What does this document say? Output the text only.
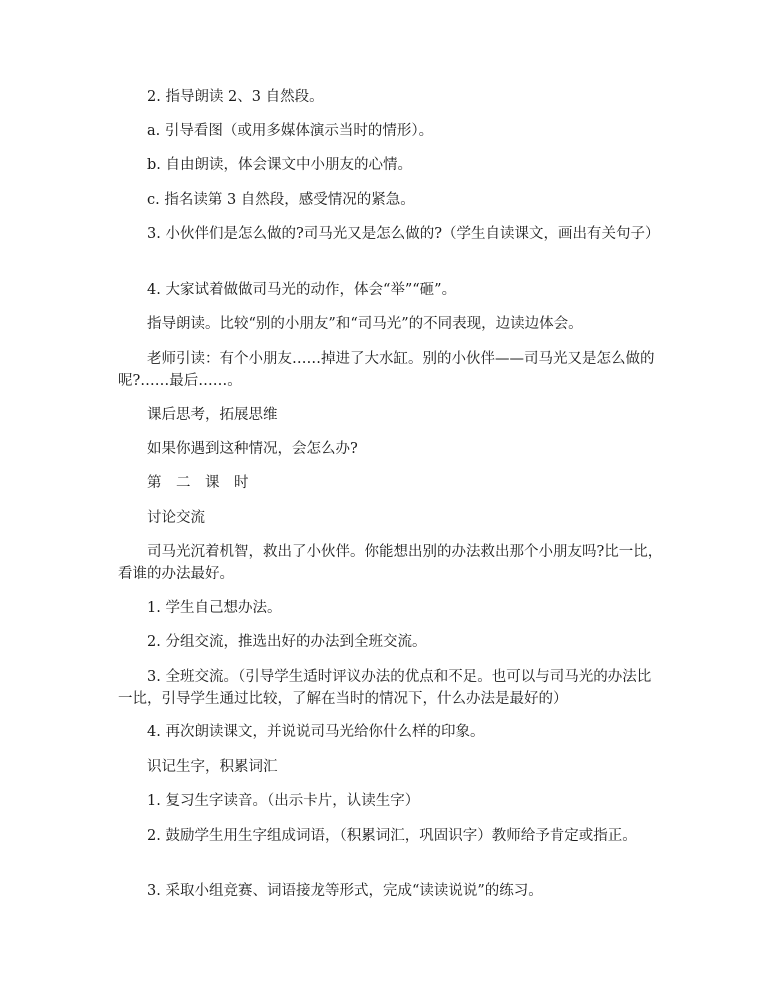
2. 指导朗读 2、3 自然段。

a. 引导看图（或用多媒体演示当时的情形）。

b. 自由朗读，体会课文中小朋友的心情。

c. 指名读第 3 自然段，感受情况的紧急。

3. 小伙伴们是怎么做的?司马光又是怎么做的?（学生自读课文，画出有关句子）

4. 大家试着做做司马光的动作，体会“举”“砸”。

指导朗读。比较“别的小朋友”和“司马光”的不同表现，边读边体会。

老师引读：有个小朋友……掉进了大水缸。别的小伙伴——司马光又是怎么做的呢?……最后……。

课后思考，拓展思维

如果你遇到这种情况，会怎么办?

第　二　课　时

讨论交流

司马光沉着机智，救出了小伙伴。你能想出别的办法救出那个小朋友吗?比一比，看谁的办法最好。

1. 学生自己想办法。

2. 分组交流，推选出好的办法到全班交流。

3. 全班交流。（引导学生适时评议办法的优点和不足。也可以与司马光的办法比一比，引导学生通过比较，了解在当时的情况下，什么办法是最好的）

4. 再次朗读课文，并说说司马光给你什么样的印象。

识记生字，积累词汇

1. 复习生字读音。（出示卡片，认读生字）

2. 鼓励学生用生字组成词语，（积累词汇，巩固识字）教师给予肯定或指正。

3. 采取小组竞赛、词语接龙等形式，完成“读读说说”的练习。
